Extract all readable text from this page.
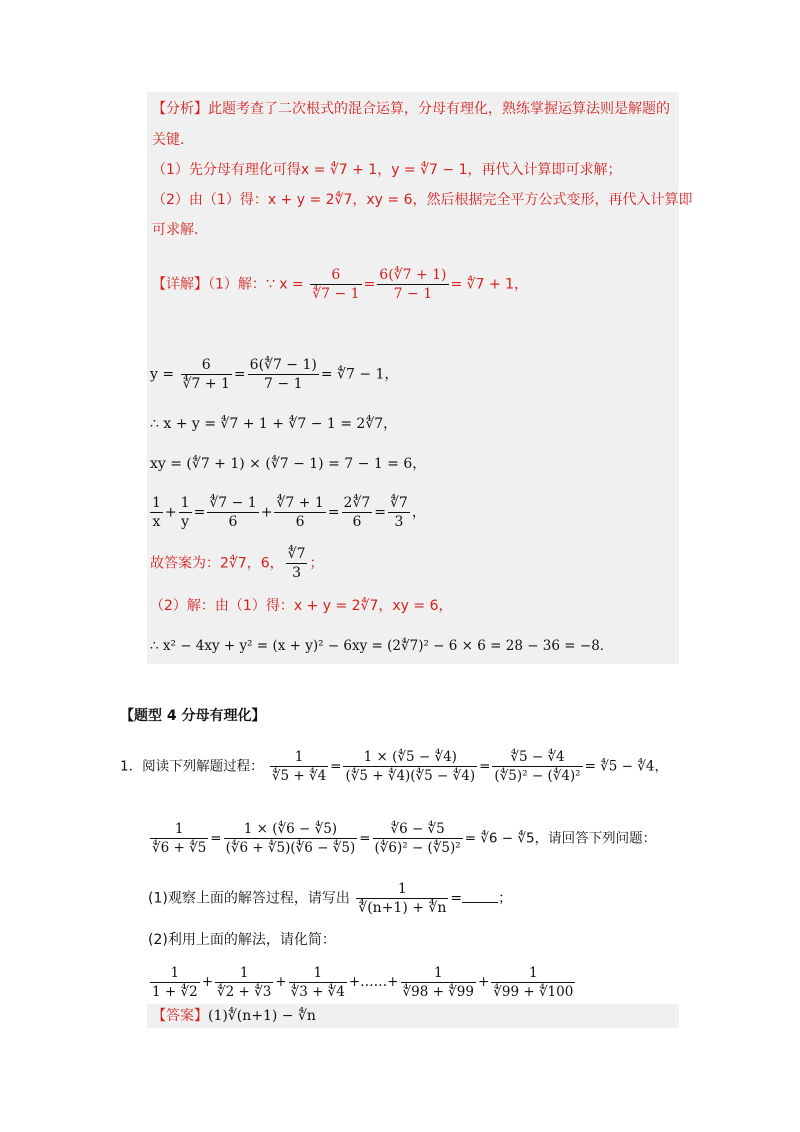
【分析】此题考查了二次根式的混合运算，分母有理化，熟练掌握运算法则是解题的
关键．
（1）先分母有理化可得x = ∜7 + 1，y = ∜7 − 1，再代入计算即可求解；
（2）由（1）得：x + y = 2∜7，xy = 6，然后根据完全平方公式变形，再代入计算即
可求解．
【详解】（1）解：∵ $x = \frac{6}{∜7 - 1} = \frac{6(∜7 + 1)}{7 - 1}$ = ∜7 + 1，
$y = \frac{6}{∜7 + 1} = \frac{6(∜7 - 1)}{7 - 1}$ = ∜7 − 1，
∴ x + y = ∜7 + 1 + ∜7 − 1 = 2∜7，
xy = (∜7 + 1) × (∜7 − 1) = 7 − 1 = 6，
$\frac{1}{x} + \frac{1}{y} = \frac{∜7 - 1}{6} + \frac{∜7 + 1}{6} = \frac{2∜7}{6} = \frac{∜7}{3}$ ，
故答案为：2∜7，6， $\frac{∜7}{3}$ ；
（2）解：由（1）得：x + y = 2∜7，xy = 6，
∴ x² − 4xy + y² = (x + y)² − 6xy = (2∜7)² − 6 × 6 = 28 − 36 = −8．
【题型 4 分母有理化】
1．阅读下列解题过程： $\frac{1}{∜5 + ∜4} = \frac{1 \times (∜5 - ∜4)}{(∜5 + ∜4)(∜5 - ∜4)} = \frac{∜5 - ∜4}{\text{(∜5)² − (∜4)²}}$ = ∜5 − ∜4，
$\frac{1}{∜6 + ∜5} = \frac{1 \times (∜6 - ∜5)}{(∜6 + ∜5)(∜6 - ∜5)} = \frac{∜6 - ∜5}{\text{(∜6)² − (∜5)²}}$ = ∜6 − ∜5，请回答下列问题：
(1)观察上面的解答过程，请写出 $\frac{1}{∜(n+1) + ∜n}$ =	；
(2)利用上面的解法，请化简：
$\frac{1}{1 + ∜2} + \frac{1}{∜2 + ∜3} + \frac{1}{∜3 + ∜4}$ +……+ $\frac{1}{∜98 + ∜99} + \frac{1}{∜99 + ∜100}$
【答案】(1)∜(n+1) − ∜n
